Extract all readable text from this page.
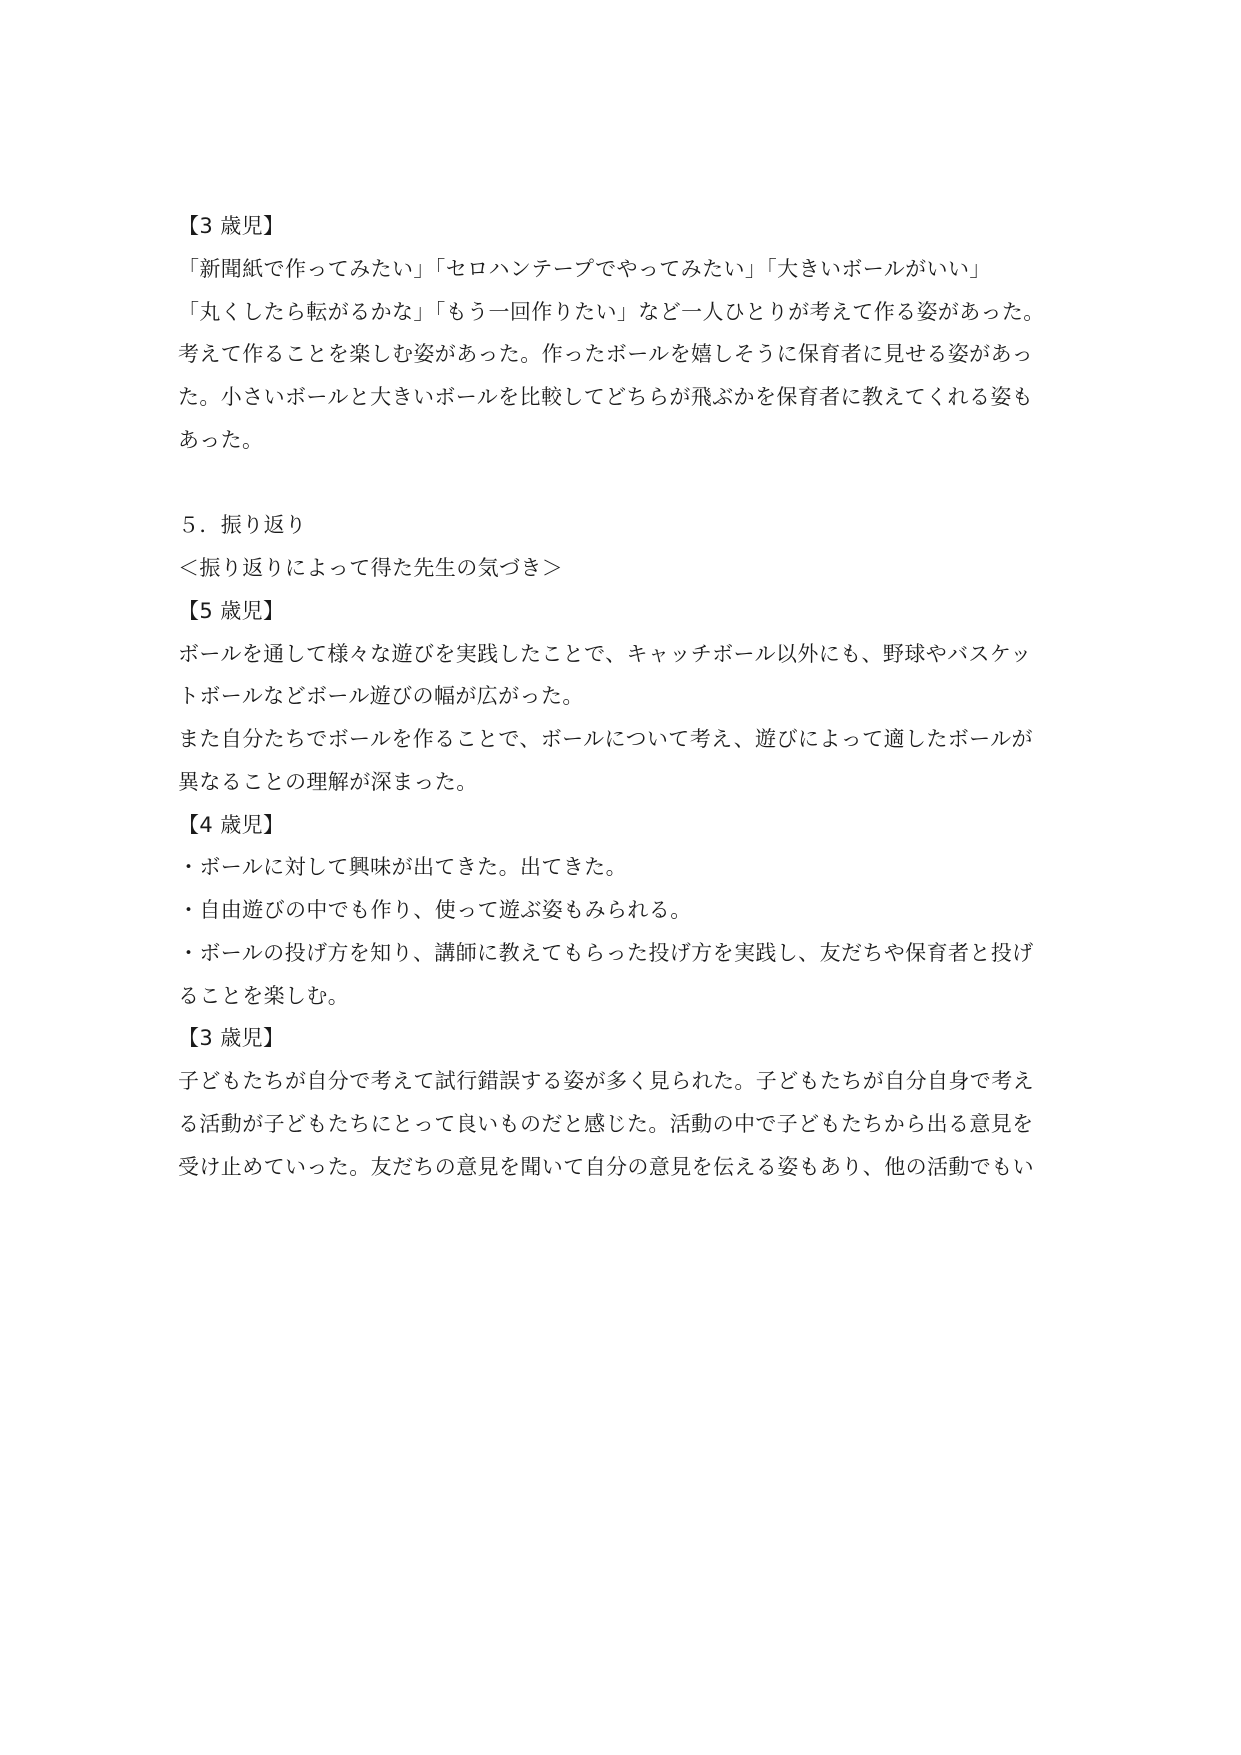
【3 歳児】
「新聞紙で作ってみたい」「セロハンテープでやってみたい」「大きいボールがいい」
「丸くしたら転がるかな」「もう一回作りたい」など一人ひとりが考えて作る姿があった。
考えて作ることを楽しむ姿があった。作ったボールを嬉しそうに保育者に見せる姿があっ
た。小さいボールと大きいボールを比較してどちらが飛ぶかを保育者に教えてくれる姿も
あった。
５．振り返り
＜振り返りによって得た先生の気づき＞
【5 歳児】
ボールを通して様々な遊びを実践したことで、キャッチボール以外にも、野球やバスケッ
トボールなどボール遊びの幅が広がった。
また自分たちでボールを作ることで、ボールについて考え、遊びによって適したボールが
異なることの理解が深まった。
【4 歳児】
・ボールに対して興味が出てきた。出てきた。
・自由遊びの中でも作り、使って遊ぶ姿もみられる。
・ボールの投げ方を知り、講師に教えてもらった投げ方を実践し、友だちや保育者と投げ
ることを楽しむ。
【3 歳児】
子どもたちが自分で考えて試行錯誤する姿が多く見られた。子どもたちが自分自身で考え
る活動が子どもたちにとって良いものだと感じた。活動の中で子どもたちから出る意見を
受け止めていった。友だちの意見を聞いて自分の意見を伝える姿もあり、他の活動でもい
